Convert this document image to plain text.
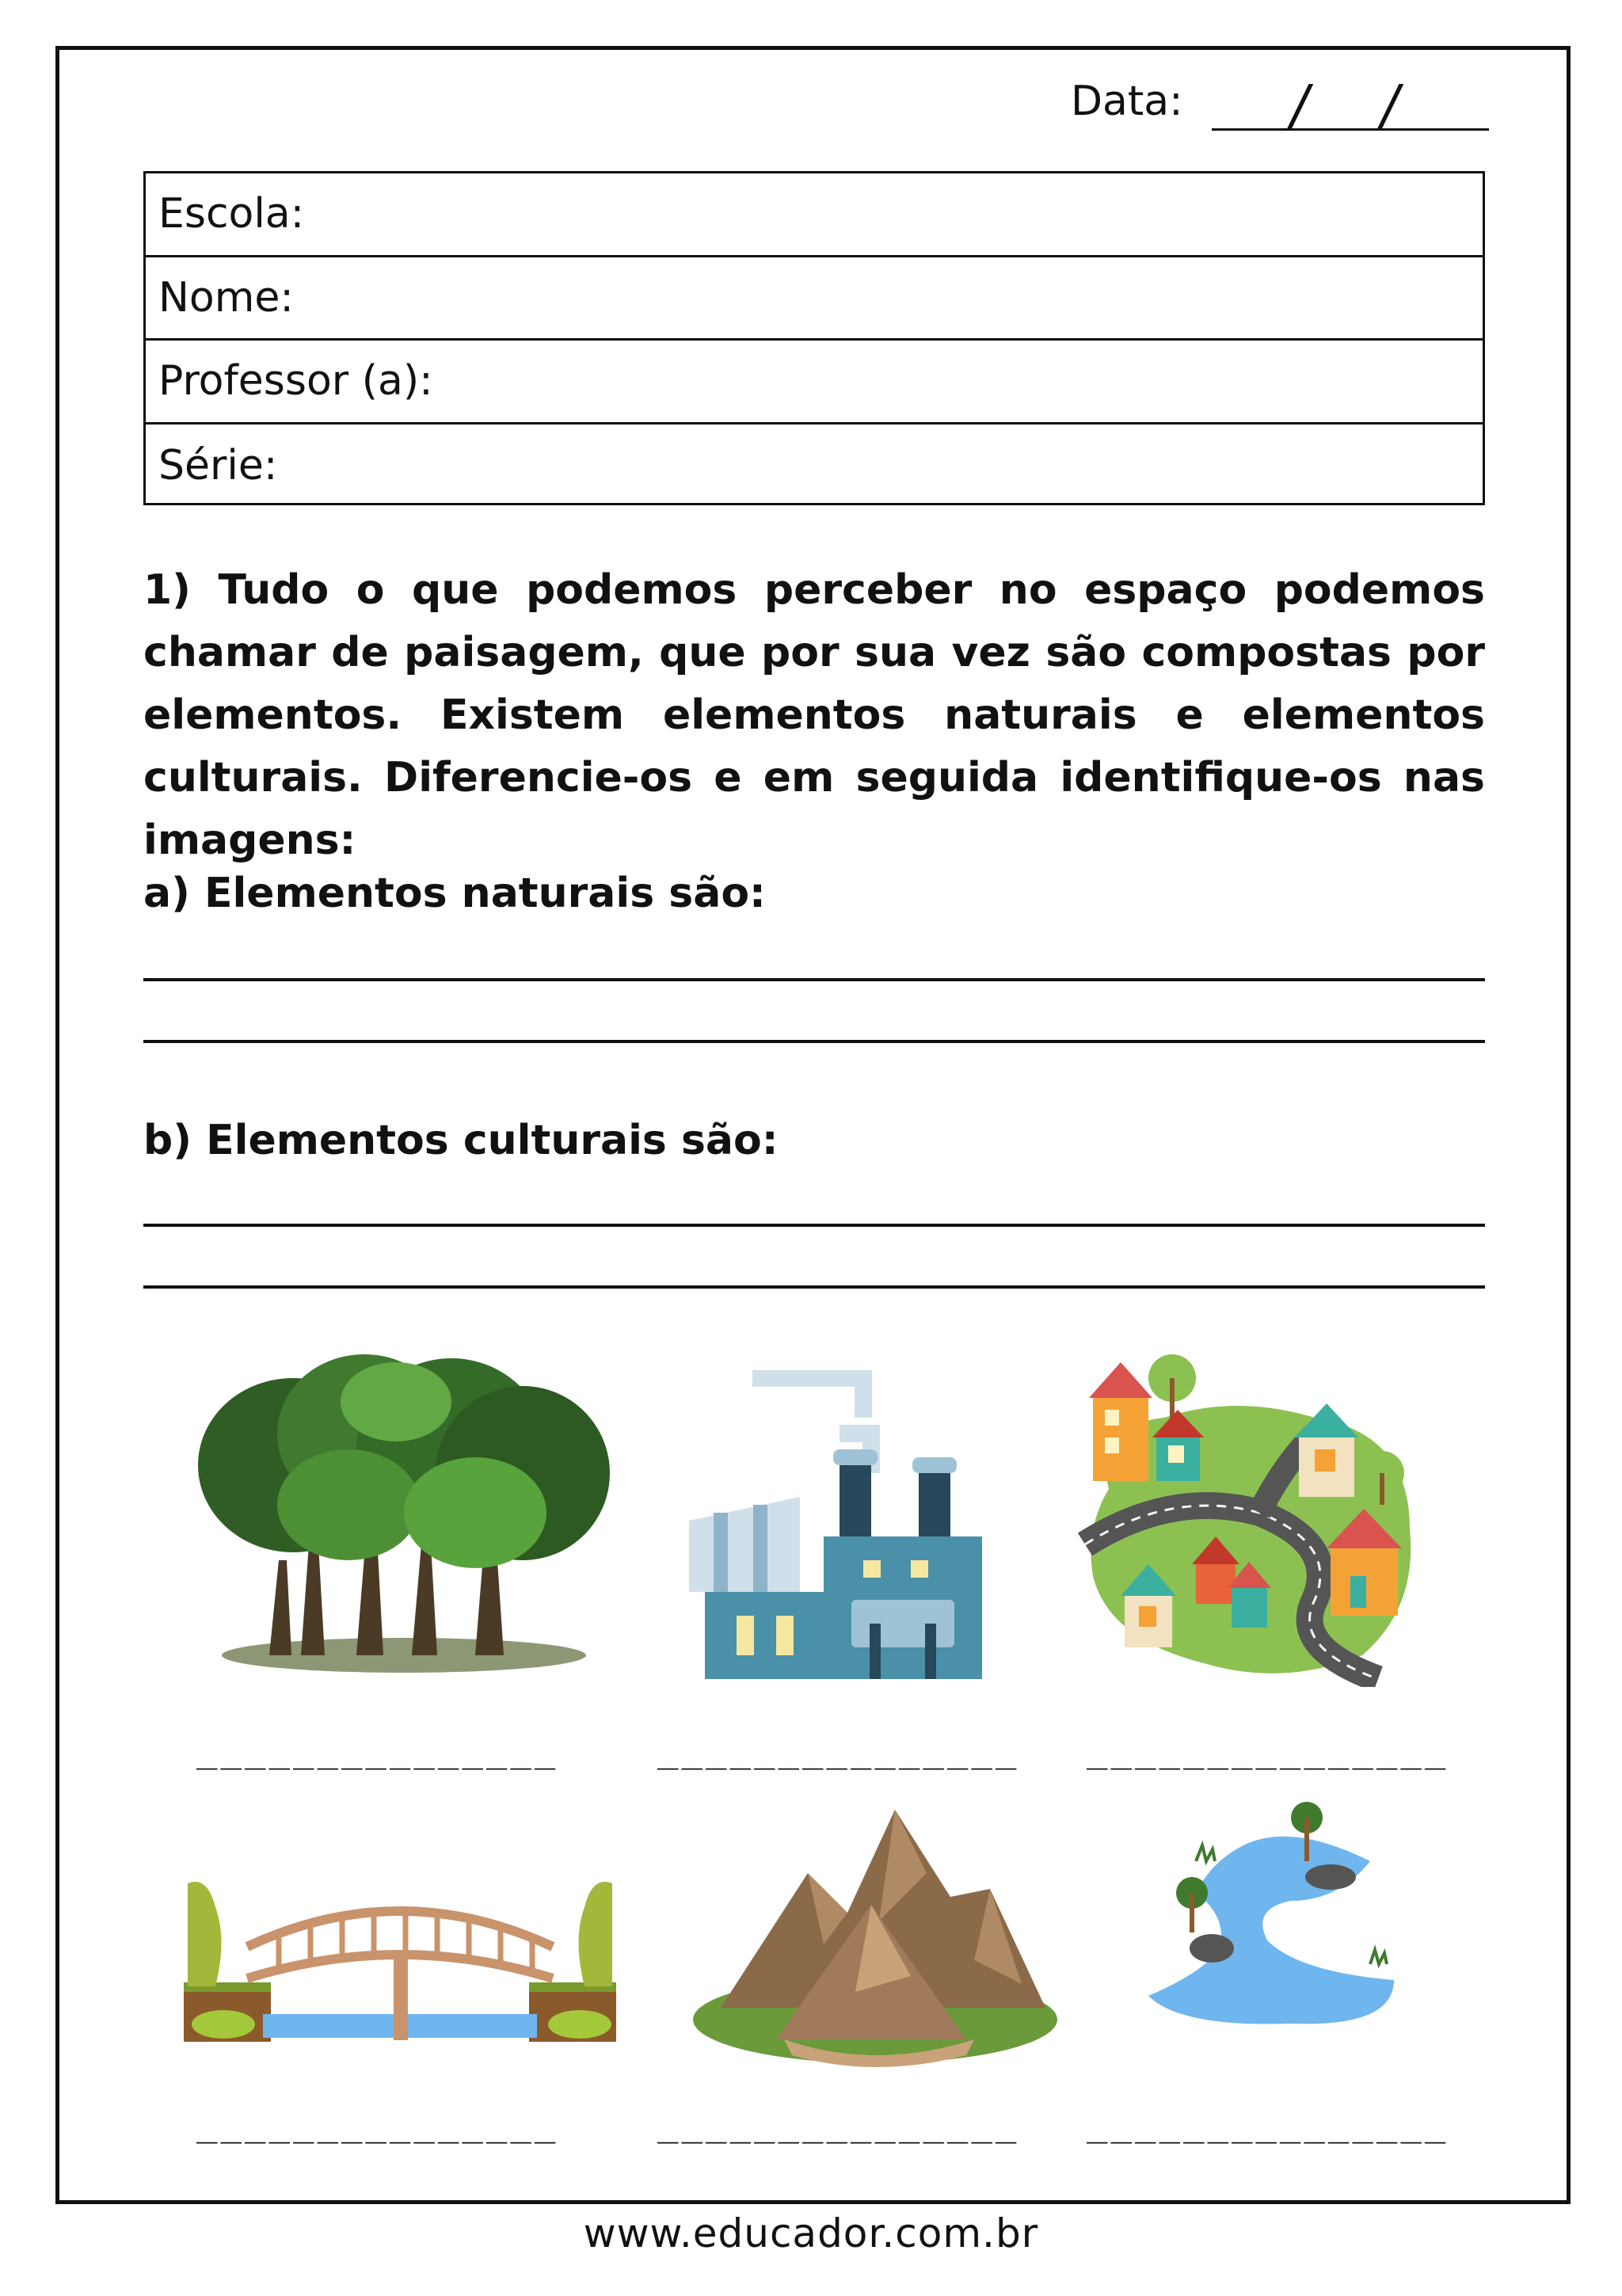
Data: / /
Escola:
Nome:
Professor (a):
Série:
1) Tudo o que podemos perceber no espaço podemos chamar de paisagem, que por sua vez são compostas por elementos. Existem elementos naturais e elementos culturais. Diferencie-os e em seguida identifique-os nas imagens:
a) Elementos naturais são:
b) Elementos culturais são:
_______________	_______________ _______________
_______________	_______________ _______________
www.educador.com.br
